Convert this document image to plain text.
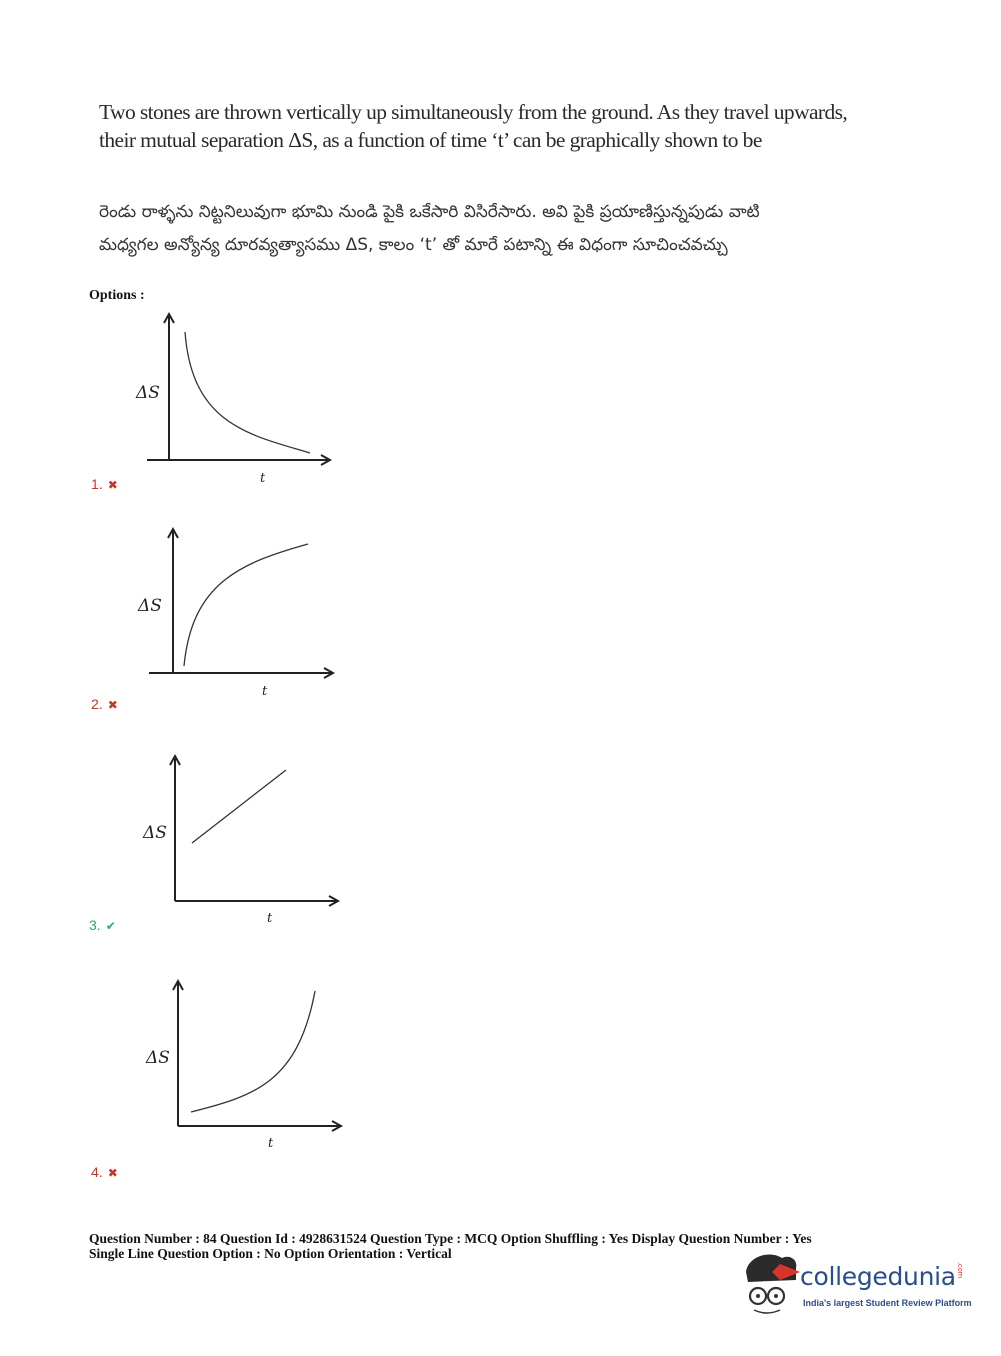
Two stones are thrown vertically up simultaneously from the ground. As they travel upwards,
their mutual separation ΔS, as a function of time ‘t’ can be graphically shown to be
రెండు రాళ్ళను నిట్టనిలువుగా భూమి నుండి పైకి ఒకేసారి విసిరేసారు. అవి పైకి ప్రయాణిస్తున్నపుడు వాటి
మధ్యగల అన్యోన్య దూరవ్యత్యాసము ΔS, కాలం ‘t’ తో మారే పటాన్ని ఈ విధంగా సూచించవచ్చు
Options :
ΔS
t
1. ✖
ΔS
t
2. ✖
ΔS
t
3. ✔
ΔS
t
4. ✖
Question Number : 84 Question Id : 4928631524 Question Type : MCQ Option Shuffling : Yes Display Question Number : Yes
Single Line Question Option : No Option Orientation : Vertical
collegedunia.com
India's largest Student Review Platform
